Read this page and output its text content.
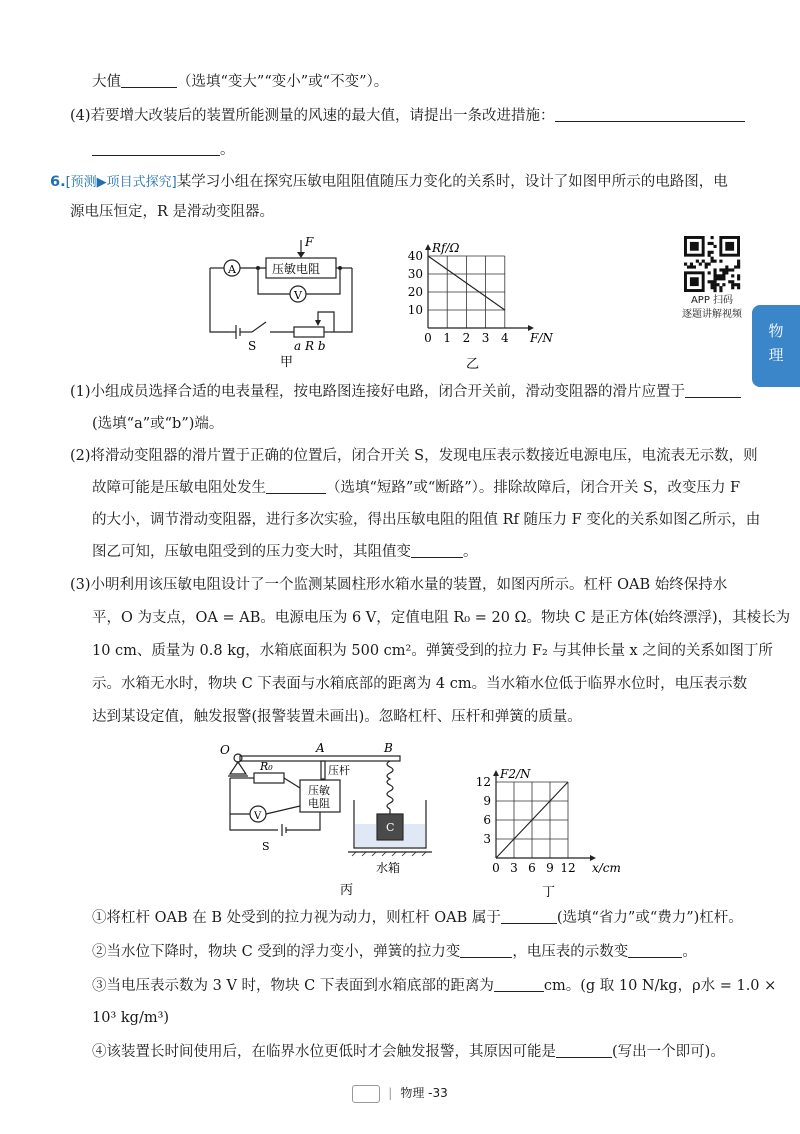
大值	（选填“变大”“变小”或“不变”）。
(4)若要增大改装后的装置所能测量的风速的最大值，请提出一条改进措施：
。
6.[预测▶项目式探究]某学习小组在探究压敏电阻阻值随压力变化的关系时，设计了如图甲所示的电路图，电
源电压恒定，R 是滑动变阻器。
A
V
压敏电阻
F
S	a R b
甲
0 1 2 3 4
10
20
30
40
Rf/Ω
F/N
乙
APP 扫码
逐题讲解视频
物
理
(1)小组成员选择合适的电表量程，按电路图连接好电路，闭合开关前，滑动变阻器的滑片应置于
(选填“a”或“b”)端。
(2)将滑动变阻器的滑片置于正确的位置后，闭合开关 S，发现电压表示数接近电源电压，电流表无示数，则
故障可能是压敏电阻处发生	（选填“短路”或“断路”）。排除故障后，闭合开关 S，改变压力 F
的大小，调节滑动变阻器，进行多次实验，得出压敏电阻的阻值 Rf 随压力 F 变化的关系如图乙所示，由
图乙可知，压敏电阻受到的压力变大时，其阻值变	。
(3)小明利用该压敏电阻设计了一个监测某圆柱形水箱水量的装置，如图丙所示。杠杆 OAB 始终保持水
平，O 为支点，OA = AB。电源电压为 6 V，定值电阻 R₀ = 20 Ω。物块 C 是正方体(始终漂浮)，其棱长为
10 cm、质量为 0.8 kg，水箱底面积为 500 cm²。弹簧受到的拉力 F₂ 与其伸长量 x 之间的关系如图丁所
示。水箱无水时，物块 C 下表面与水箱底部的距离为 4 cm。当水箱水位低于临界水位时，电压表示数
达到某设定值，触发报警(报警装置未画出)。忽略杠杆、压杆和弹簧的质量。
O	A	B
R₀	压杆
压敏
电阻
V
S
C
水箱
丙
0 3 6 9 12
3
6
9
12
F2/N
x/cm
丁
①将杠杆 OAB 在 B 处受到的拉力视为动力，则杠杆 OAB 属于	(选填“省力”或“费力”)杠杆。
②当水位下降时，物块 C 受到的浮力变小，弹簧的拉力变	，电压表的示数变	。
③当电压表示数为 3 V 时，物块 C 下表面到水箱底部的距离为	cm。(g 取 10 N/kg，ρ水 = 1.0 ×
10³ kg/m³)
④该装置长时间使用后，在临界水位更低时才会触发报警，其原因可能是	(写出一个即可)。
| 物理 -33
